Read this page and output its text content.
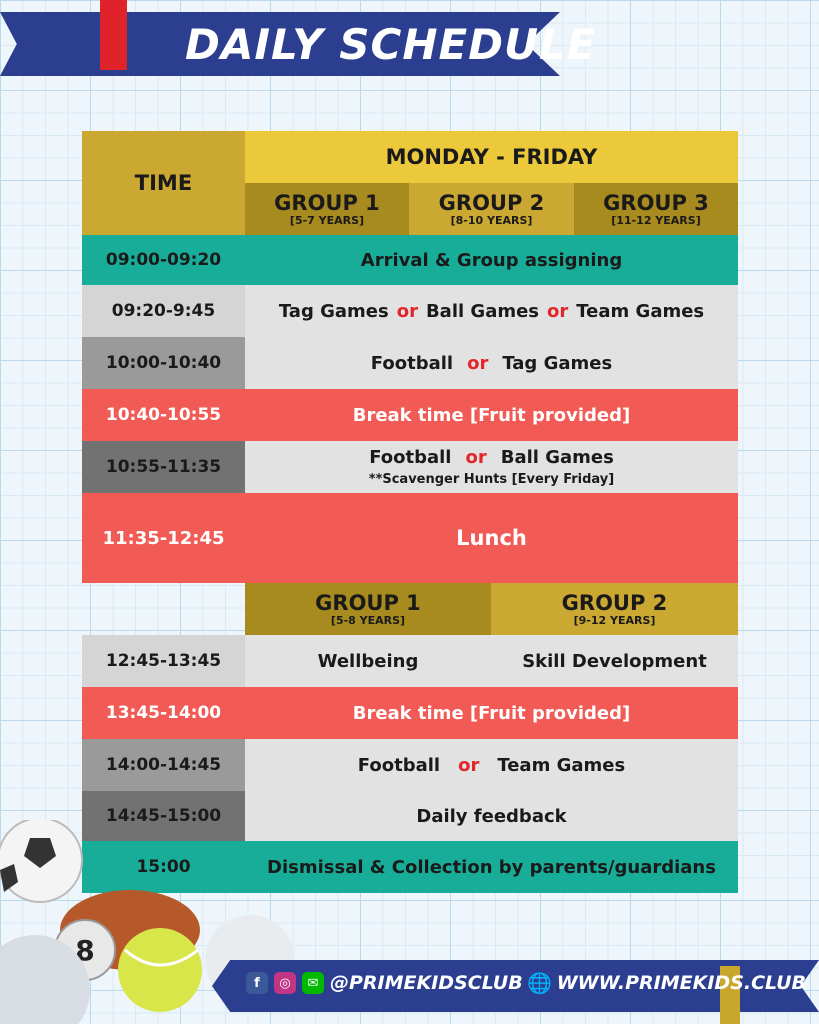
DAILY SCHEDULE
TIME
MONDAY - FRIDAY
GROUP 1
[5-7 YEARS]
GROUP 2
[8-10 YEARS]
GROUP 3
[11-12 YEARS]
09:00-09:20	Arrival & Group assigning
09:20-9:45	Tag Games or Ball Games or Team Games
10:00-10:40	Football or Tag Games
10:40-10:55	Break time [Fruit provided]
10:55-11:35	Football or Ball Games
**Scavenger Hunts [Every Friday]
11:35-12:45	Lunch
GROUP 1
[5-8 YEARS]
GROUP 2
[9-12 YEARS]
12:45-13:45	Wellbeing	Skill Development
13:45-14:00	Break time [Fruit provided]
14:00-14:45	Football or Team Games
14:45-15:00	Daily feedback
15:00	Dismissal & Collection by parents/guardians
8
f	◎	✉ @PRIMEKIDSCLUB 🌐 WWW.PRIMEKIDS.CLUB
